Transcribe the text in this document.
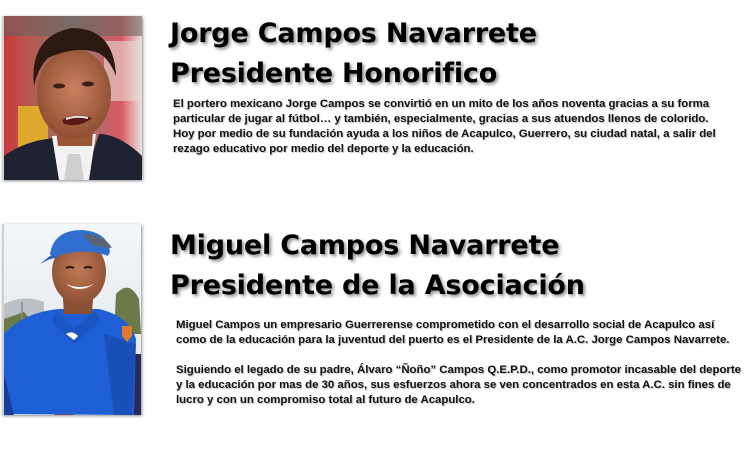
Jorge Campos Navarrete
Presidente Honorifico

El portero mexicano Jorge Campos se convirtió en un mito de los años noventa gracias a su forma particular de jugar al fútbol… y también, especialmente, gracias a sus atuendos llenos de colorido.

Hoy por medio de su fundación ayuda a los niños de Acapulco, Guerrero, su ciudad natal, a salir del rezago educativo por medio del deporte y la educación.

Miguel Campos Navarrete
Presidente de la Asociación

Miguel Campos un empresario Guerrerense comprometido con el desarrollo social de Acapulco así como de la educación para la juventud del puerto es el Presidente de la A.C. Jorge Campos Navarrete.

Siguiendo el legado de su padre, Álvaro “Ñoño” Campos Q.E.P.D., como promotor incasable del deporte y la educación por mas de 30 años, sus esfuerzos ahora se ven concentrados en esta A.C. sin fines de lucro y con un compromiso total al futuro de Acapulco.
